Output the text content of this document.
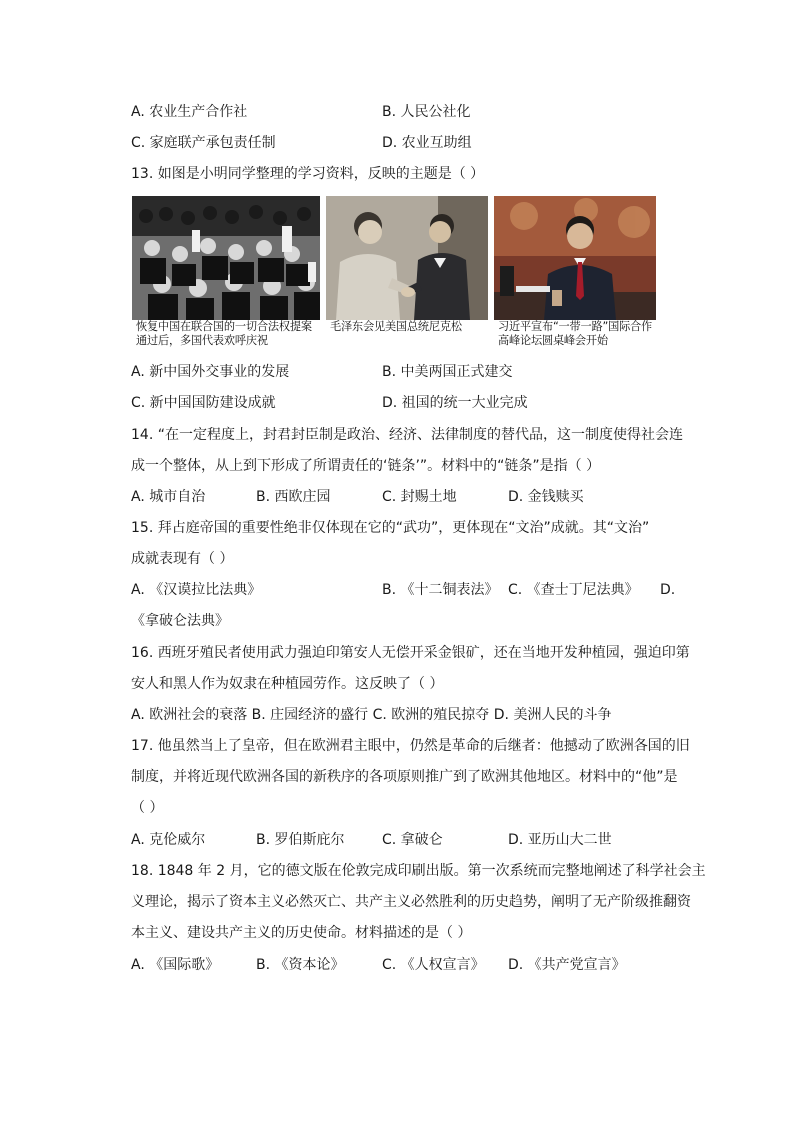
A. 农业生产合作社	B. 人民公社化
C. 家庭联产承包责任制	D. 农业互助组
13. 如图是小明同学整理的学习资料，反映的主题是（ ）
恢复中国在联合国的一切合法权提案通过后，多国代表欢呼庆祝
毛泽东会见美国总统尼克松	习近平宣布“一带一路”国际合作高峰论坛圆桌峰会开始
A. 新中国外交事业的发展	B. 中美两国正式建交
C. 新中国国防建设成就	D. 祖国的统一大业完成
14. “在一定程度上，封君封臣制是政治、经济、法律制度的替代品，这一制度使得社会连
成一个整体，从上到下形成了所谓责任的‘链条’”。材料中的“链条”是指（ ）
A. 城市自治	B. 西欧庄园	C. 封赐土地	D. 金钱赎买
15. 拜占庭帝国的重要性绝非仅体现在它的“武功”，更体现在“文治”成就。其“文治”
成就表现有（ ）
A. 《汉谟拉比法典》	B. 《十二铜表法》 C. 《查士丁尼法典》 D.
《拿破仑法典》
16. 西班牙殖民者使用武力强迫印第安人无偿开采金银矿，还在当地开发种植园，强迫印第
安人和黑人作为奴隶在种植园劳作。这反映了（ ）
A. 欧洲社会的衰落 B. 庄园经济的盛行 C. 欧洲的殖民掠夺 D. 美洲人民的斗争
17. 他虽然当上了皇帝，但在欧洲君主眼中，仍然是革命的后继者：他撼动了欧洲各国的旧
制度，并将近现代欧洲各国的新秩序的各项原则推广到了欧洲其他地区。材料中的“他”是
（ ）
A. 克伦威尔	B. 罗伯斯庇尔	C. 拿破仑	D. 亚历山大二世
18. 1848 年 2 月，它的德文版在伦敦完成印刷出版。第一次系统而完整地阐述了科学社会主
义理论，揭示了资本主义必然灭亡、共产主义必然胜利的历史趋势，阐明了无产阶级推翻资
本主义、建设共产主义的历史使命。材料描述的是（ ）
A. 《国际歌》	B. 《资本论》	C. 《人权宣言》 D. 《共产党宣言》
